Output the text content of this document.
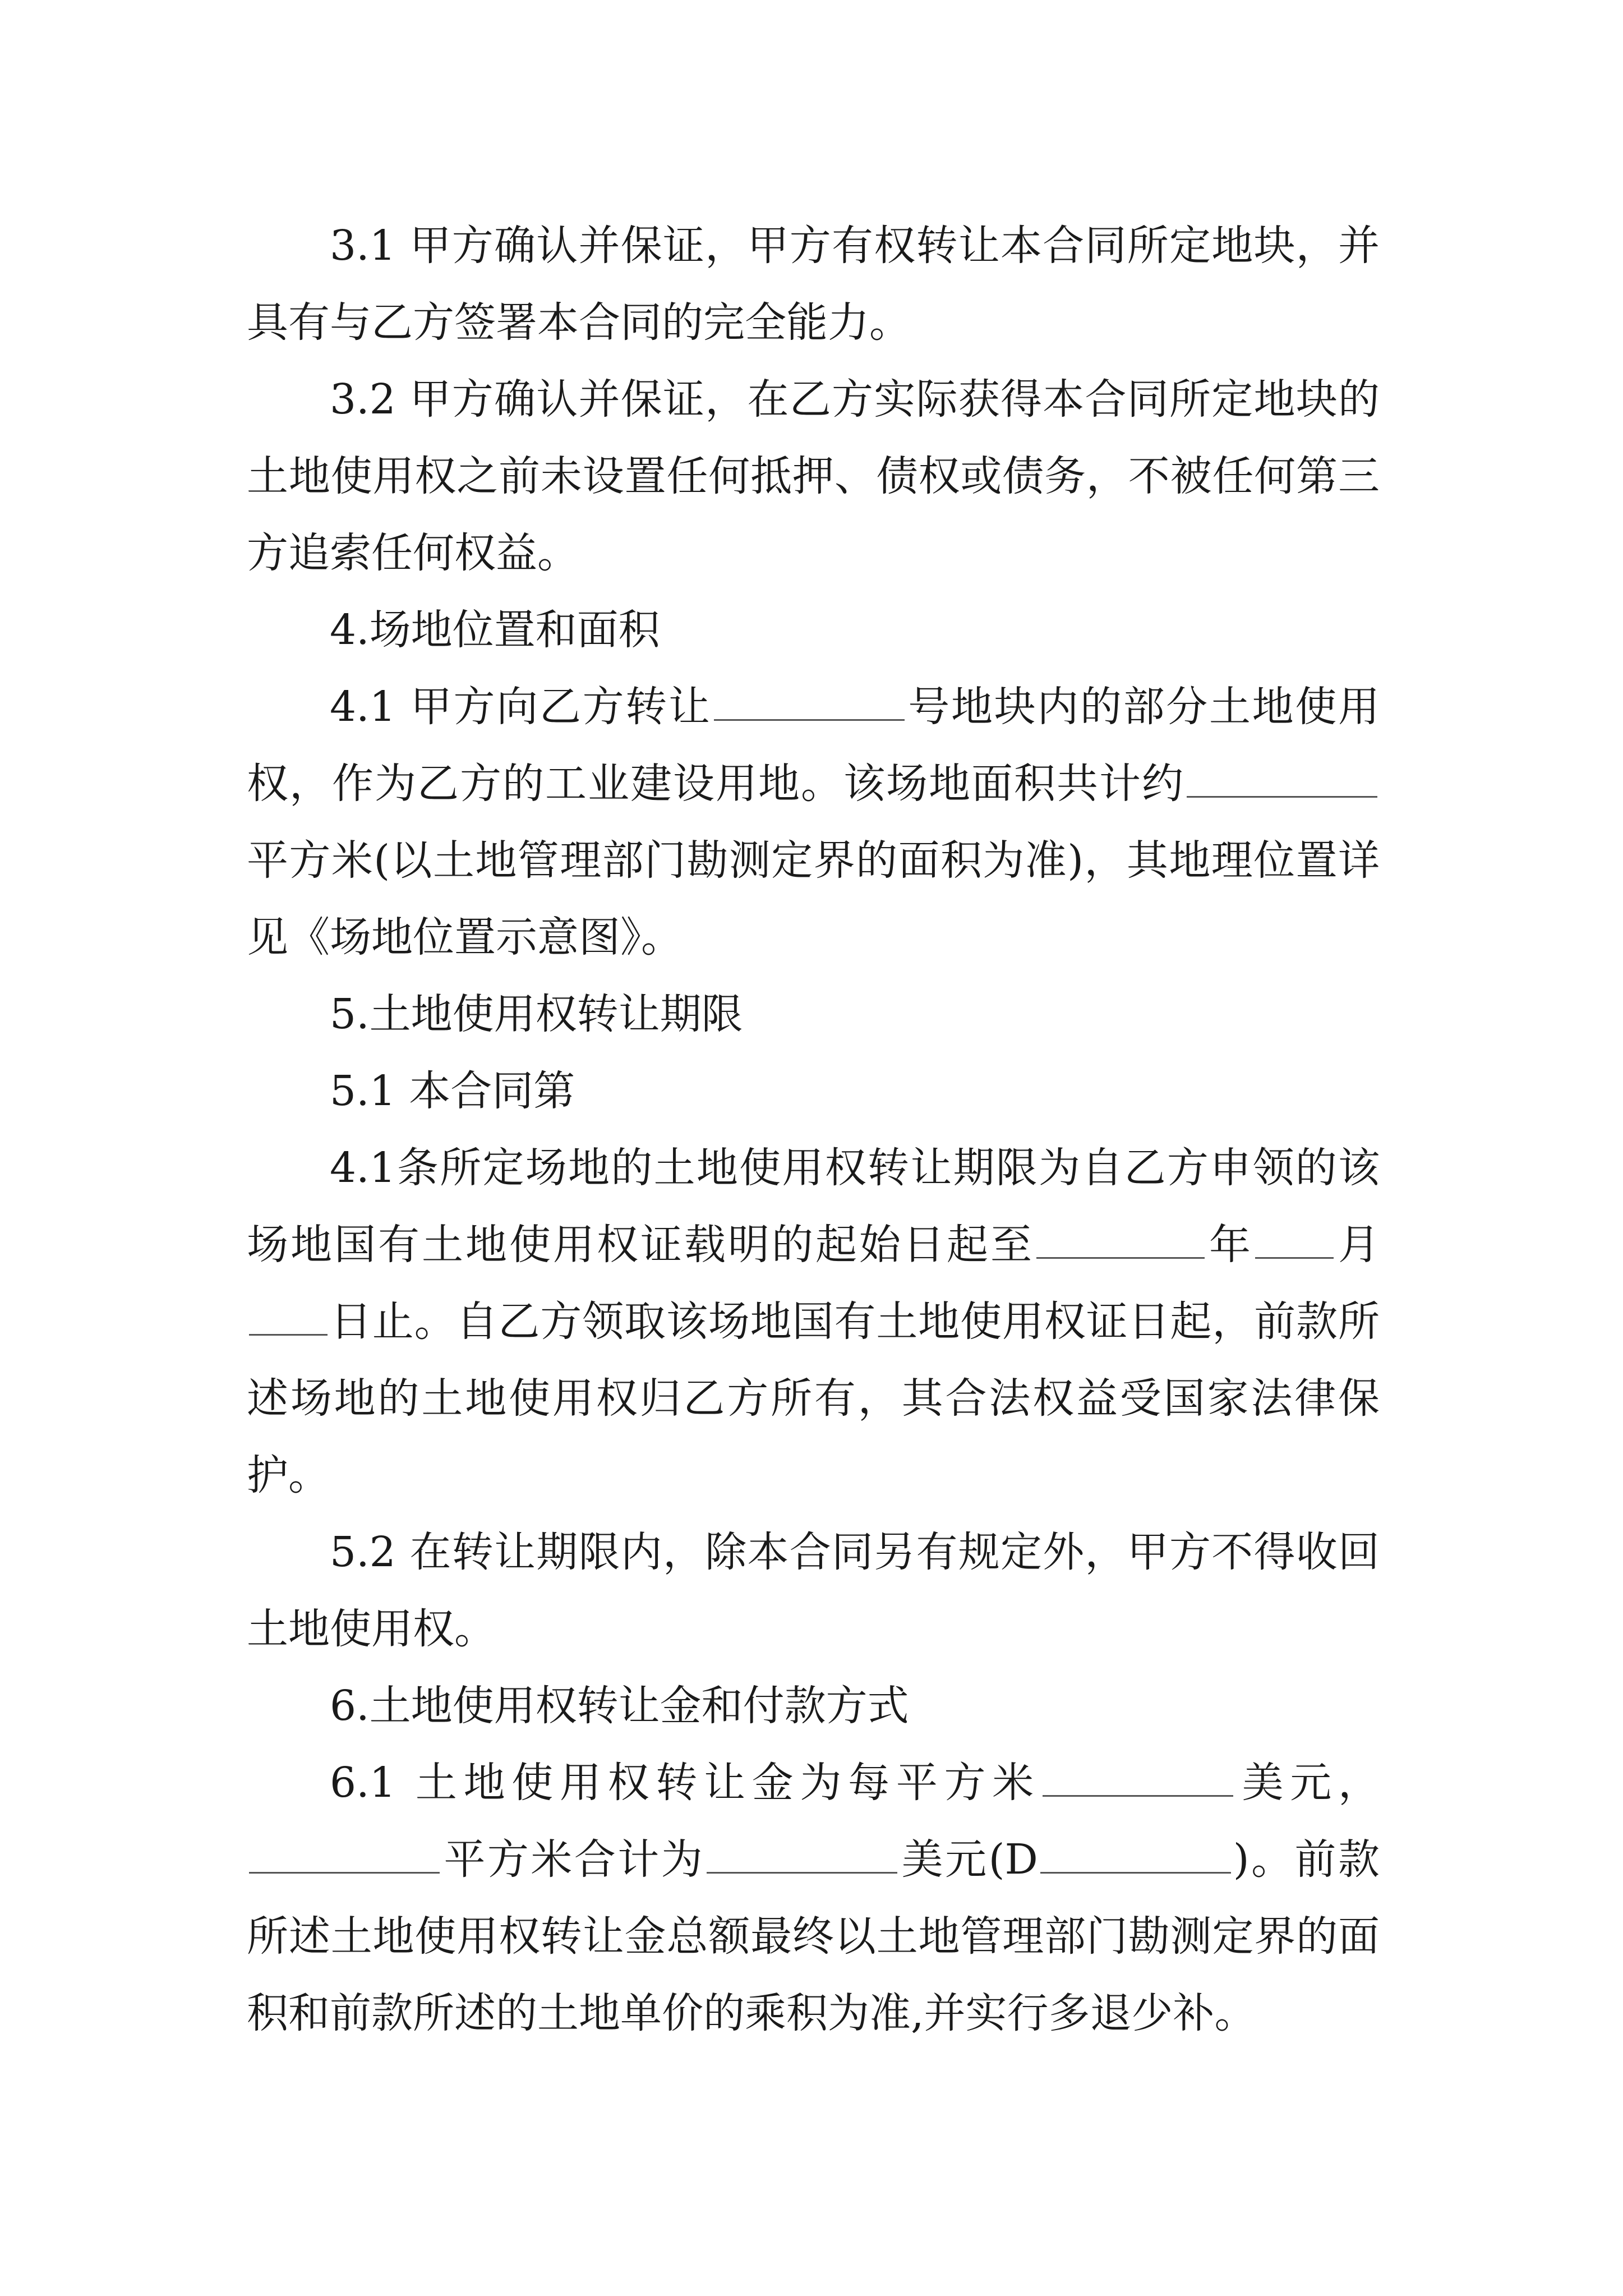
3.1 甲方确认并保证，甲方有权转让本合同所定地块，并具有与乙方签署本合同的完全能力。

3.2 甲方确认并保证，在乙方实际获得本合同所定地块的土地使用权之前未设置任何抵押、债权或债务，不被任何第三方追索任何权益。

4.场地位置和面积

4.1 甲方向乙方转让	号地块内的部分土地使用权，作为乙方的工业建设用地。该场地面积共计约平方米(以土地管理部门勘测定界的面积为准)，其地理位置详见《场地位置示意图》。

5.土地使用权转让期限

5.1 本合同第

4.1条所定场地的土地使用权转让期限为自乙方申领的该场地国有土地使用权证载明的起始日起至	年 月日止。自乙方领取该场地国有土地使用权证日起，前款所述场地的土地使用权归乙方所有，其合法权益受国家法律保护。

5.2 在转让期限内，除本合同另有规定外，甲方不得收回土地使用权。

6.土地使用权转让金和付款方式

6.1 土地使用权转让金为每平方米	美元，平方米合计为	美元(D	)。前款所述土地使用权转让金总额最终以土地管理部门勘测定界的面积和前款所述的土地单价的乘积为准,并实行多退少补。
